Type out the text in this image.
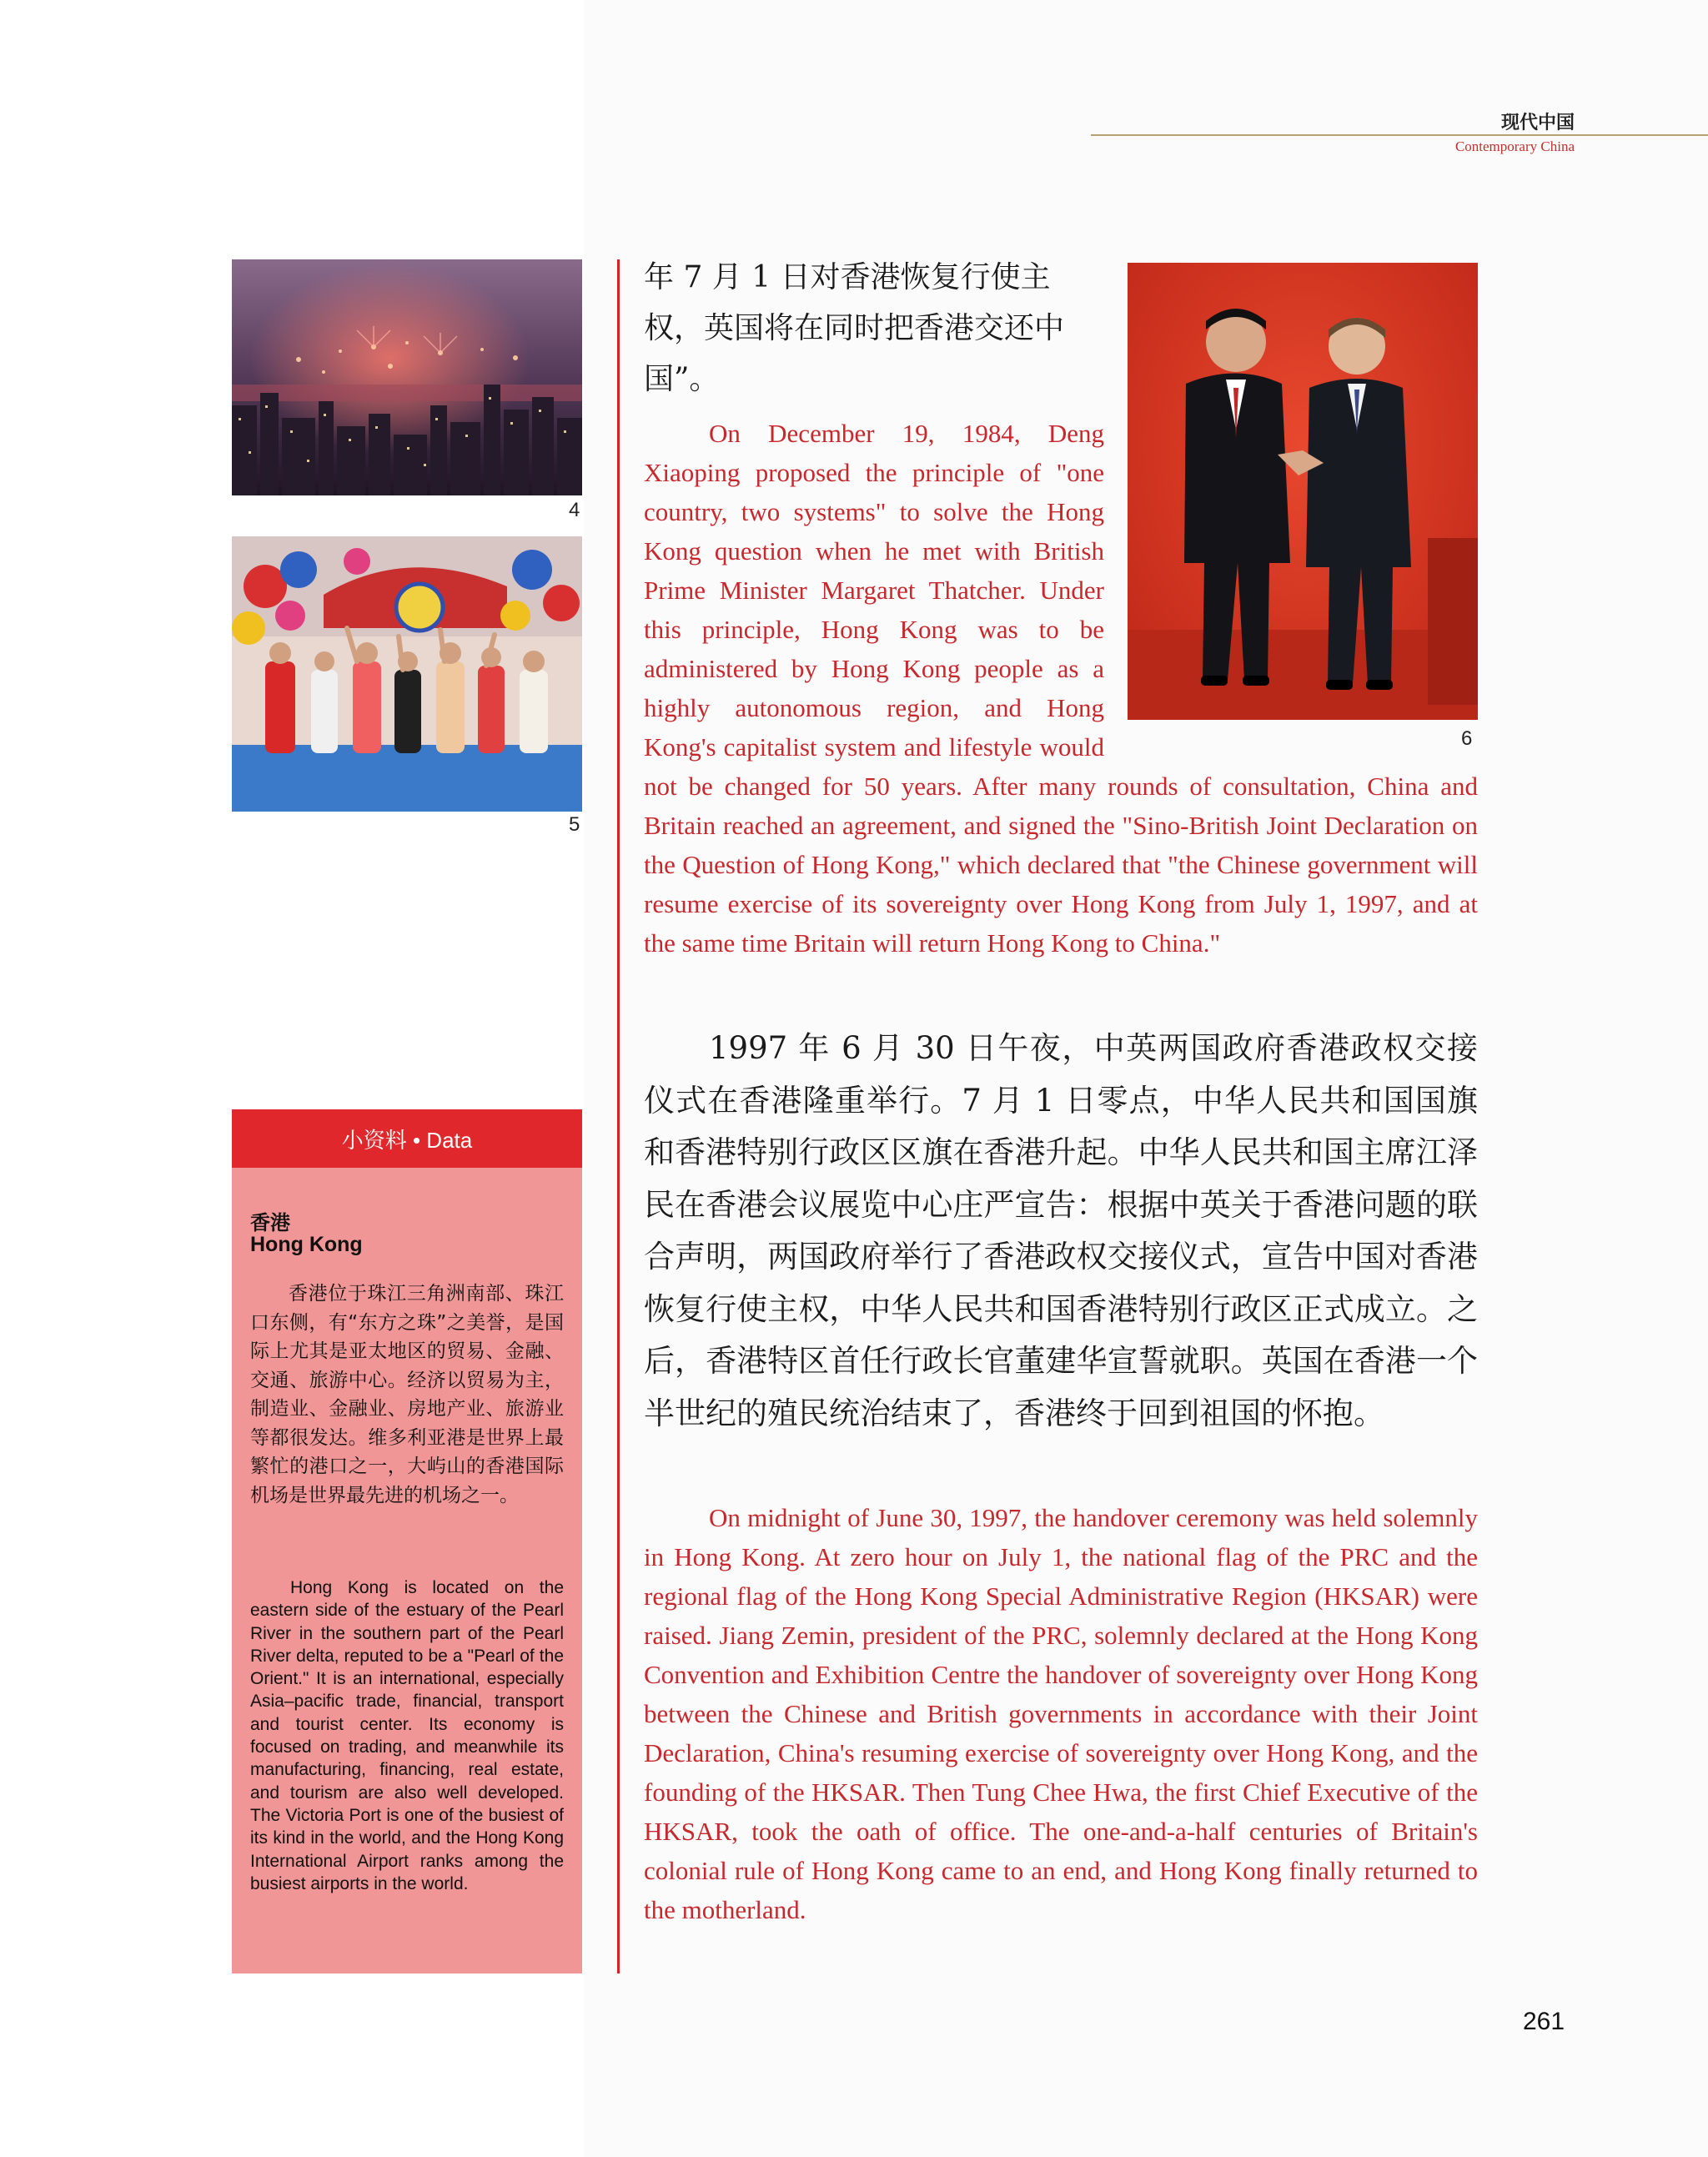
现代中国
Contemporary China
4
5
小资料 • Data
香港
Hong Kong

香港位于珠江三角洲南部、珠江口东侧，有“东方之珠”之美誉，是国际上尤其是亚太地区的贸易、金融、交通、旅游中心。经济以贸易为主，制造业、金融业、房地产业、旅游业等都很发达。维多利亚港是世界上最繁忙的港口之一，大屿山的香港国际机场是世界最先进的机场之一。

Hong Kong is located on the eastern side of the estuary of the Pearl River in the southern part of the Pearl River delta, reputed to be a "Pearl of the Orient." It is an international, especially Asia–pacific trade, financial, transport and tourist center. Its economy is focused on trading, and meanwhile its manufacturing, financing, real estate, and tourism are also well developed. The Victoria Port is one of the busiest of its kind in the world, and the Hong Kong International Airport ranks among the busiest airports in the world.

年 7 月 1 日对香港恢复行使主权，英国将在同时把香港交还中国”。

On December 19, 1984, Deng Xiaoping proposed the principle of "one country, two systems" to solve the Hong Kong question when he met with British Prime Minister Margaret Thatcher. Under this principle, Hong Kong was to be administered by Hong Kong people as a highly autonomous region, and Hong Kong's capitalist system and lifestyle would not be changed for 50 years. After many rounds of consultation, China and Britain reached an agreement, and signed the "Sino-British Joint Declaration on the Question of Hong Kong," which declared that "the Chinese government will resume exercise of its sovereignty over Hong Kong from July 1, 1997, and at the same time Britain will return Hong Kong to China."

1997 年 6 月 30 日午夜，中英两国政府香港政权交接仪式在香港隆重举行。7 月 1 日零点，中华人民共和国国旗和香港特别行政区区旗在香港升起。中华人民共和国主席江泽民在香港会议展览中心庄严宣告：根据中英关于香港问题的联合声明，两国政府举行了香港政权交接仪式，宣告中国对香港恢复行使主权，中华人民共和国香港特别行政区正式成立。之后，香港特区首任行政长官董建华宣誓就职。英国在香港一个半世纪的殖民统治结束了，香港终于回到祖国的怀抱。

On midnight of June 30, 1997, the handover ceremony was held solemnly in Hong Kong. At zero hour on July 1, the national flag of the PRC and the regional flag of the Hong Kong Special Administrative Region (HKSAR) were raised. Jiang Zemin, president of the PRC, solemnly declared at the Hong Kong Convention and Exhibition Centre the handover of sovereignty over Hong Kong between the Chinese and British governments in accordance with their Joint Declaration, China's resuming exercise of sovereignty over Hong Kong, and the founding of the HKSAR. Then Tung Chee Hwa, the first Chief Executive of the HKSAR, took the oath of office. The one-and-a-half centuries of Britain's colonial rule of Hong Kong came to an end, and Hong Kong finally returned to the motherland.

6
261
